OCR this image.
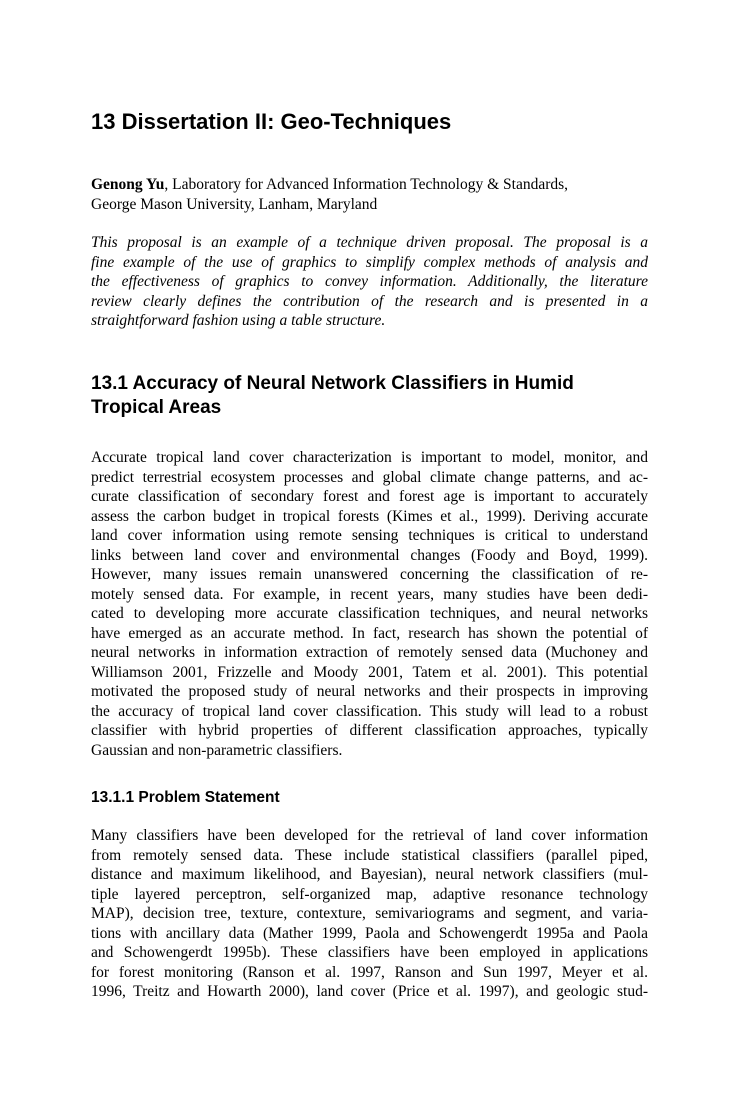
13 Dissertation II: Geo-Techniques

Genong Yu, Laboratory for Advanced Information Technology & Standards,
George Mason University, Lanham, Maryland

This proposal is an example of a technique driven proposal. The proposal is a
fine example of the use of graphics to simplify complex methods of analysis and
the effectiveness of graphics to convey information. Additionally, the literature
review clearly defines the contribution of the research and is presented in a
straightforward fashion using a table structure.

13.1 Accuracy of Neural Network Classifiers in Humid
Tropical Areas

Accurate tropical land cover characterization is important to model, monitor, and
predict terrestrial ecosystem processes and global climate change patterns, and ac-
curate classification of secondary forest and forest age is important to accurately
assess the carbon budget in tropical forests (Kimes et al., 1999). Deriving accurate
land cover information using remote sensing techniques is critical to understand
links between land cover and environmental changes (Foody and Boyd, 1999).
However, many issues remain unanswered concerning the classification of re-
motely sensed data. For example, in recent years, many studies have been dedi-
cated to developing more accurate classification techniques, and neural networks
have emerged as an accurate method. In fact, research has shown the potential of
neural networks in information extraction of remotely sensed data (Muchoney and
Williamson 2001, Frizzelle and Moody 2001, Tatem et al. 2001). This potential
motivated the proposed study of neural networks and their prospects in improving
the accuracy of tropical land cover classification. This study will lead to a robust
classifier with hybrid properties of different classification approaches, typically
Gaussian and non-parametric classifiers.

13.1.1 Problem Statement

Many classifiers have been developed for the retrieval of land cover information
from remotely sensed data. These include statistical classifiers (parallel piped,
distance and maximum likelihood, and Bayesian), neural network classifiers (mul-
tiple layered perceptron, self-organized map, adaptive resonance technology
MAP), decision tree, texture, contexture, semivariograms and segment, and varia-
tions with ancillary data (Mather 1999, Paola and Schowengerdt 1995a and Paola
and Schowengerdt 1995b). These classifiers have been employed in applications
for forest monitoring (Ranson et al. 1997, Ranson and Sun 1997, Meyer et al.
1996, Treitz and Howarth 2000), land cover (Price et al. 1997), and geologic stud-
